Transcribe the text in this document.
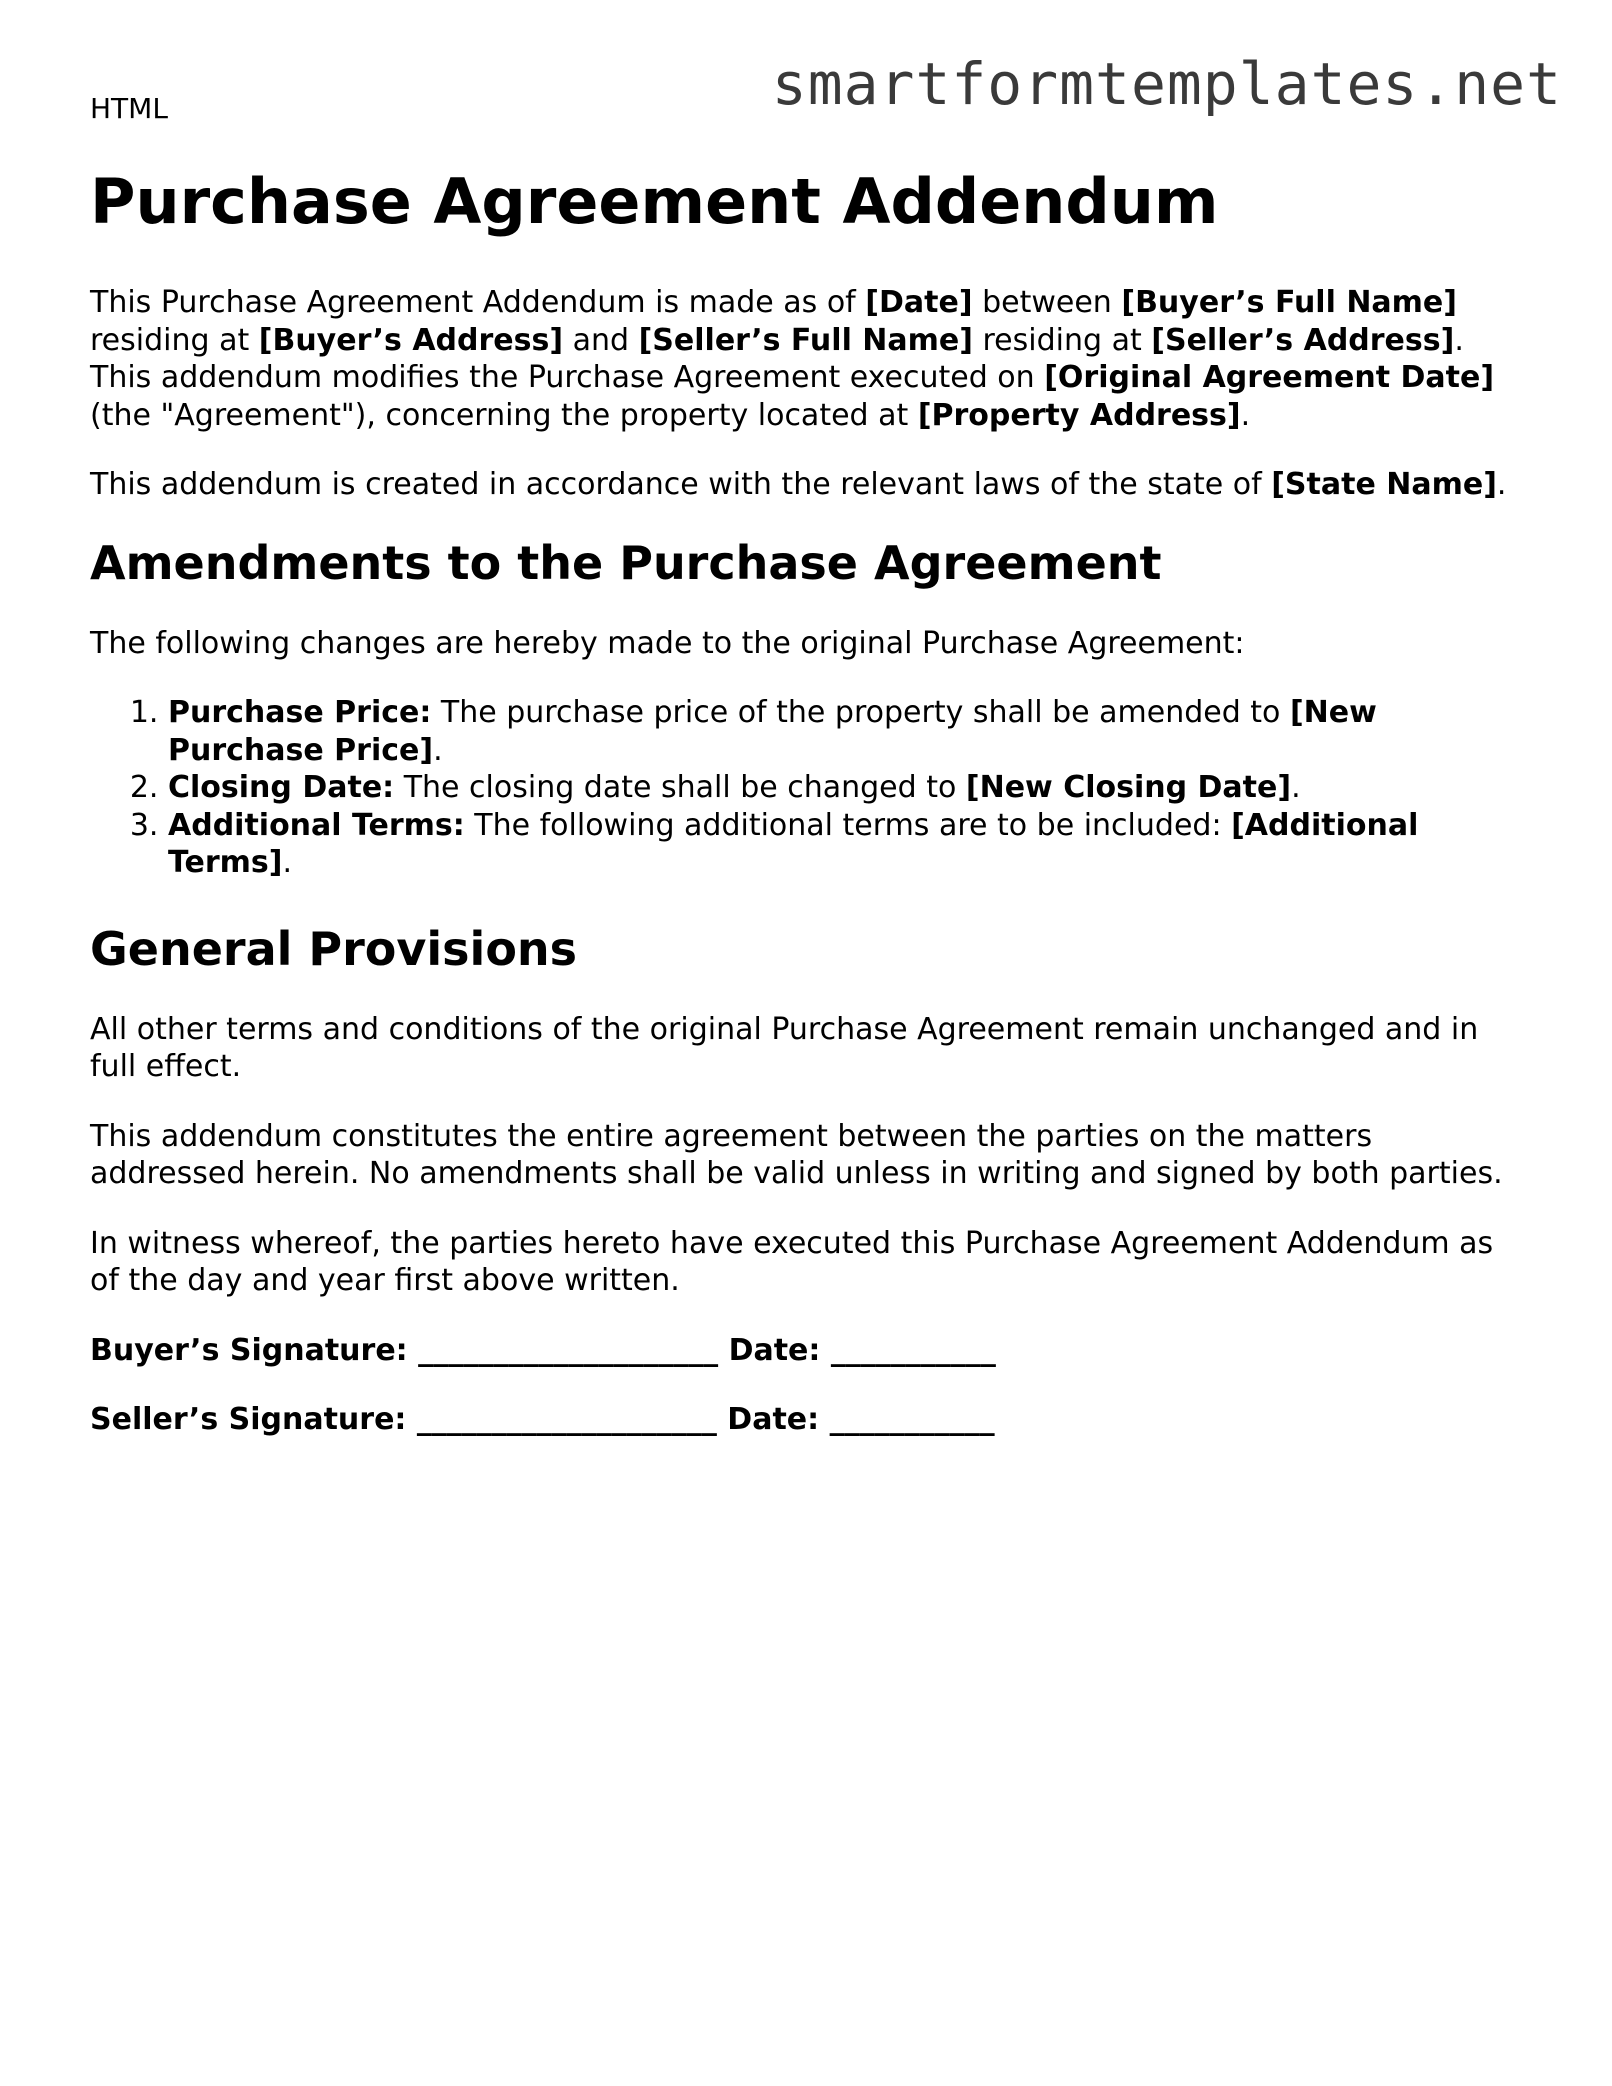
HTML	smartformtemplates.net
Purchase Agreement Addendum

This Purchase Agreement Addendum is made as of [Date] between [Buyer’s Full Name] residing at [Buyer’s Address] and [Seller’s Full Name] residing at [Seller’s Address]. This addendum modifies the Purchase Agreement executed on [Original Agreement Date] (the "Agreement"), concerning the property located at [Property Address].

This addendum is created in accordance with the relevant laws of the state of [State Name].

Amendments to the Purchase Agreement

The following changes are hereby made to the original Purchase Agreement:

1. Purchase Price: The purchase price of the property shall be amended to [New Purchase Price].
2. Closing Date: The closing date shall be changed to [New Closing Date].
3. Additional Terms: The following additional terms are to be included: [Additional Terms].
General Provisions

All other terms and conditions of the original Purchase Agreement remain unchanged and in full effect.

This addendum constitutes the entire agreement between the parties on the matters addressed herein. No amendments shall be valid unless in writing and signed by both parties.

In witness whereof, the parties hereto have executed this Purchase Agreement Addendum as of the day and year first above written.

Buyer’s Signature: ____________________ Date: ___________

Seller’s Signature: ____________________ Date: ___________
